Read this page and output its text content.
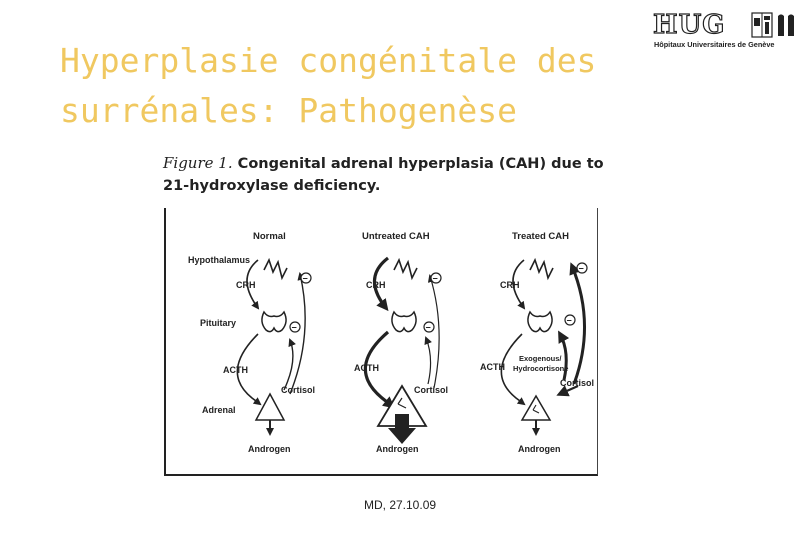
Hyperplasie congénitale des
surrénales: Pathogenèse
HUG
Hôpitaux Universitaires de Genève
Figure 1. Congenital adrenal hyperplasia (CAH) due to
21-hydroxylase deficiency.
Normal	Untreated CAH	Treated CAH
Hypothalamus
Pituitary
Adrenal
CRH
ACTH
Cortisol
Androgen
−
−
CRH
ACTH
Cortisol
Androgen
−
−
CRH
ACTH
Exogenous/
Hydrocortisone
Cortisol
Androgen
−
−
MD, 27.10.09
